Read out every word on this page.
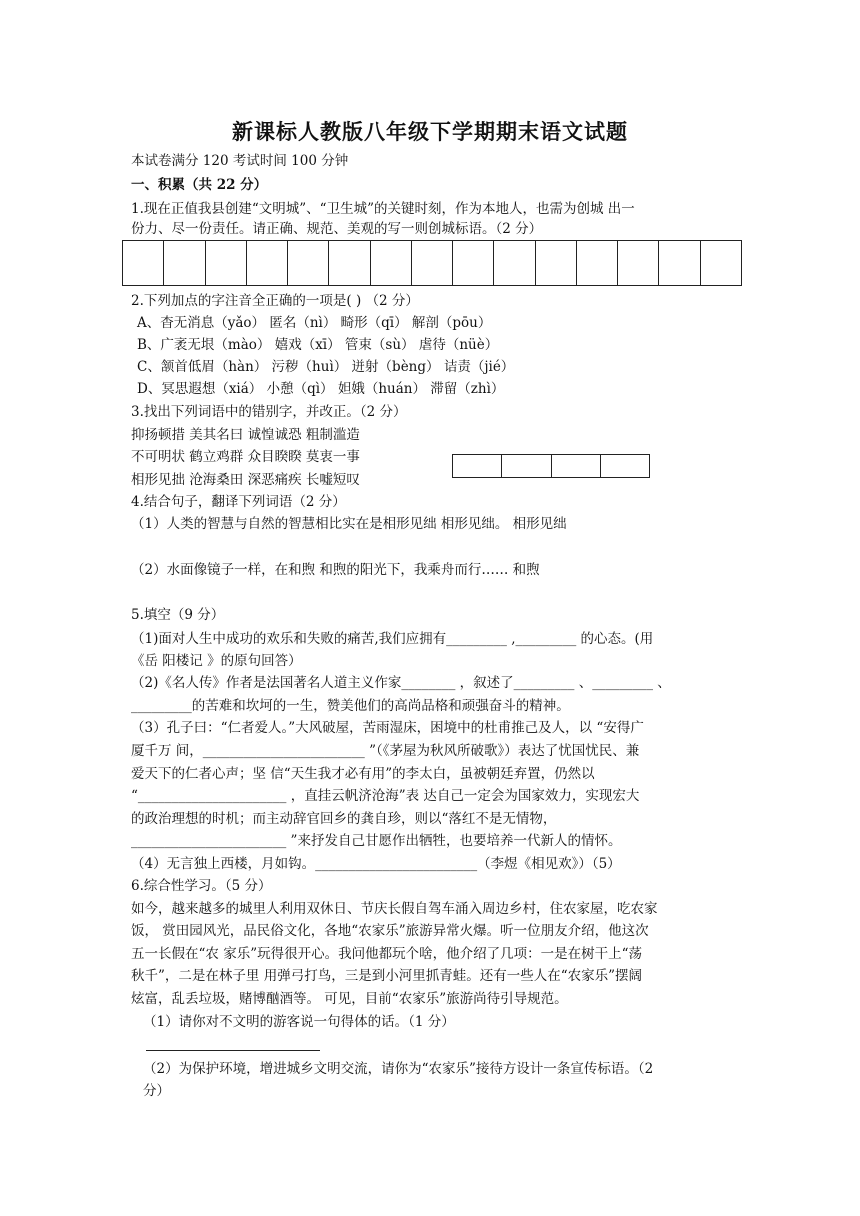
新课标人教版八年级下学期期末语文试题
本试卷满分 120 考试时间 100 分钟
一、积累（共 22 分）
1.现在正值我县创建“文明城”、“卫生城”的关键时刻，作为本地人，也需为创城 出一
份力、尽一份责任。请正确、规范、美观的写一则创城标语。（2 分）

2.下列加点的字注音全正确的一项是( ) （2 分）
A、杳无消息（yǎo） 匿名（nì） 畸形（qī） 解剖（pōu）
B、广袤无垠（mào） 嬉戏（xī） 管束（sù） 虐待（nüè）
C、颔首低眉（hàn） 污秽（huì） 迸射（bèng） 诘责（jié）
D、冥思遐想（xiá） 小憩（qì） 妲娥（huán） 滞留（zhì）
3.找出下列词语中的错别字，并改正。（2 分）
抑扬顿措 美其名曰 诚惶诚恐 粗制滥造
不可明状 鹤立鸡群 众目睽睽 莫衷一事
相形见拙 沧海桑田 深恶痛疾 长嘘短叹

4.结合句子，翻译下列词语（2 分）
（1）人类的智慧与自然的智慧相比实在是相形见绌 相形见绌。 相形见绌
（2）水面像镜子一样，在和煦 和煦的阳光下，我乘舟而行…… 和煦
5.填空（9 分）
（1)面对人生中成功的欢乐和失败的痛苦,我们应拥有_________ ,_________ 的心态。(用
《岳 阳楼记 》的原句回答）
（2)《名人传》作者是法国著名人道主义作家________ ，叙述了_________ 、_________ 、
_________的苦难和坎坷的一生，赞美他们的高尚品格和顽强奋斗的精神。
（3）孔子曰：“仁者爱人。”大风破屋，苦雨湿床，困境中的杜甫推己及人，以 “安得广
厦千万 间，________________________ ”（《茅屋为秋风所破歌》）表达了忧国忧民、兼
爱天下的仁者心声；坚 信“天生我才必有用”的李太白，虽被朝廷弃置，仍然以
“______________________ ，直挂云帆济沧海”表 达自己一定会为国家效力，实现宏大
的政治理想的时机；而主动辞官回乡的龚自珍，则以“落红不是无情物，
_______________________ ”来抒发自己甘愿作出牺牲，也要培养一代新人的情怀。
（4）无言独上西楼，月如钩。________________________（李煜《相见欢》）（5）
6.综合性学习。（5 分）
如今，越来越多的城里人利用双休日、节庆长假自驾车涌入周边乡村，住农家屋，吃农家
饭， 赏田园风光，品民俗文化，各地“农家乐”旅游异常火爆。听一位朋友介绍，他这次
五一长假在“农 家乐”玩得很开心。我问他都玩个啥，他介绍了几项：一是在树干上“荡
秋千”，二是在林子里 用弹弓打鸟，三是到小河里抓青蛙。还有一些人在“农家乐”摆阔
炫富，乱丢垃圾，赌博酗酒等。 可见，目前“农家乐”旅游尚待引导规范。
（1）请你对不文明的游客说一句得体的话。（1 分）
（2）为保护环境，增进城乡文明交流，请你为“农家乐”接待方设计一条宣传标语。（2
分）
